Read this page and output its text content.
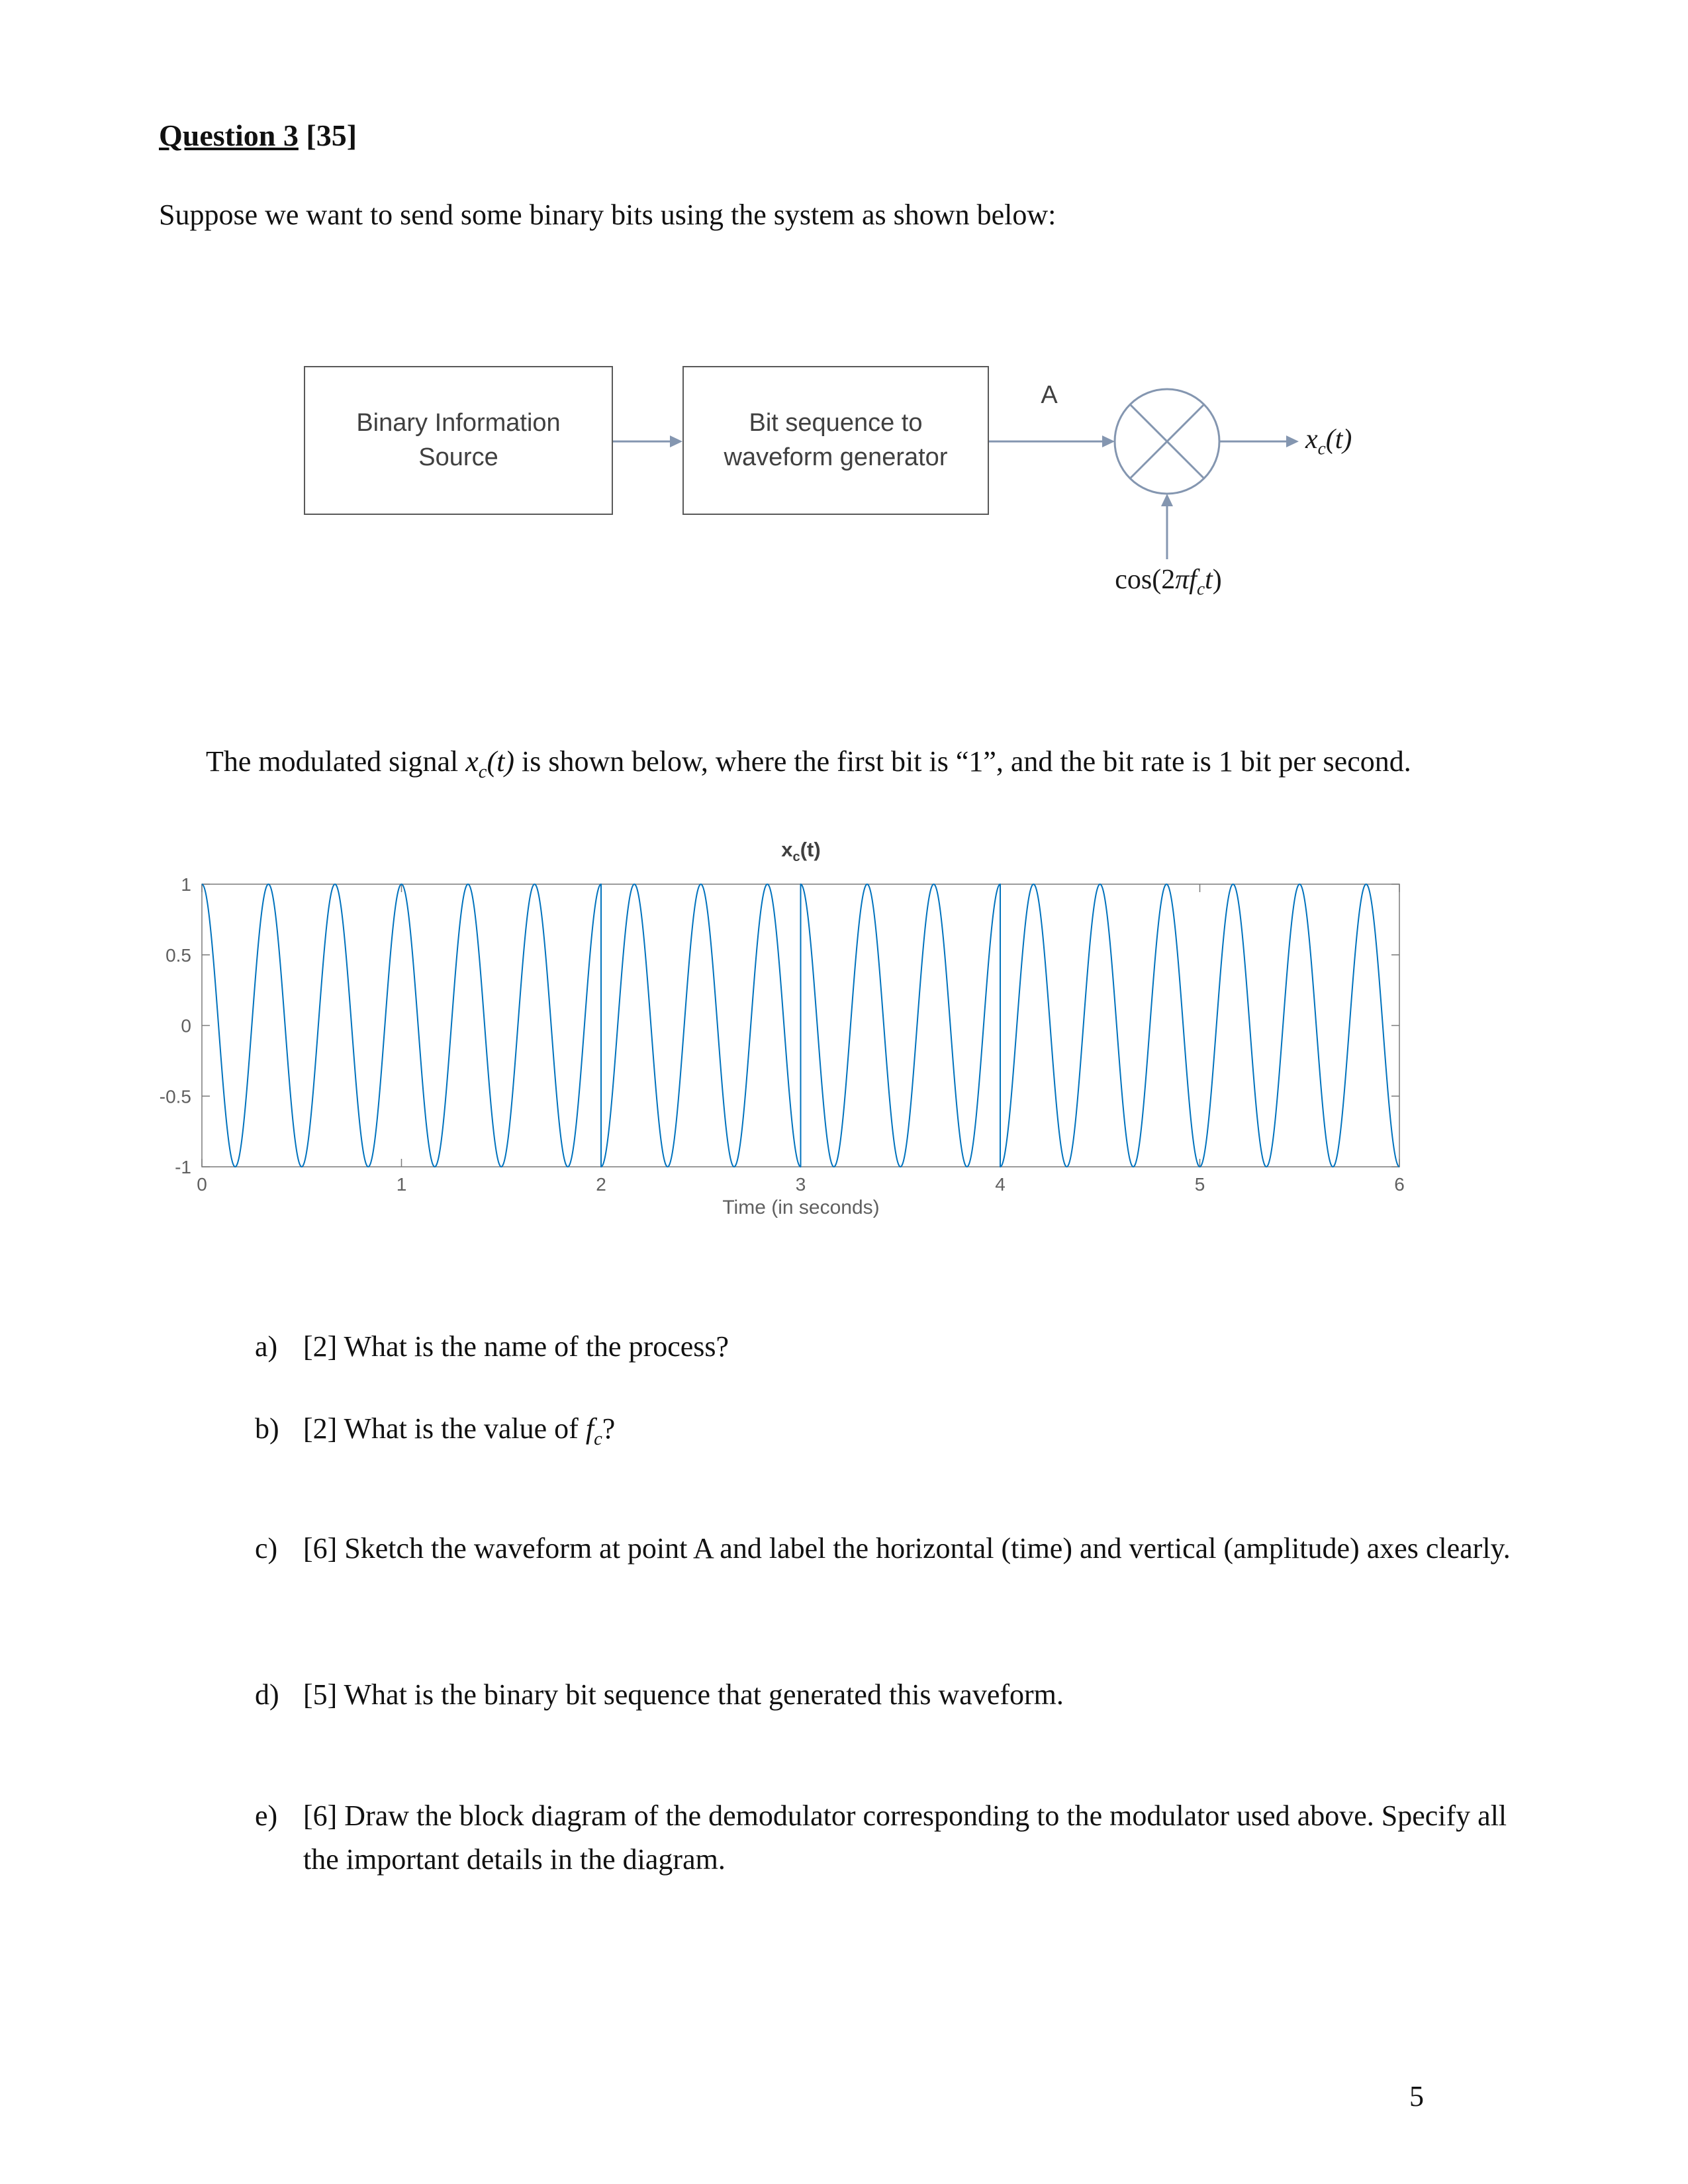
Question 3 [35]
Suppose we want to send some binary bits using the system as shown below:
Binary Information
Source
Bit sequence to
waveform generator
A
$x_c(t)$
$\cos(2\pi f_ct)$
The modulated signal $x_c(t)$ is shown below, where the first bit is “1”, and the bit rate is 1 bit per second.
$x_c(t)$
0	1	2	3	4	5	6
-1
-0.5
0
0.5
1
Time (in seconds)
a) [2] What is the name of the process?
b) [2] What is the value of $f_c$?
c) [6] Sketch the waveform at point A and label the horizontal (time) and vertical (amplitude) axes clearly.
d) [5] What is the binary bit sequence that generated this waveform.
e) [6] Draw the block diagram of the demodulator corresponding to the modulator used above. Specify all the important details in the diagram.
5
